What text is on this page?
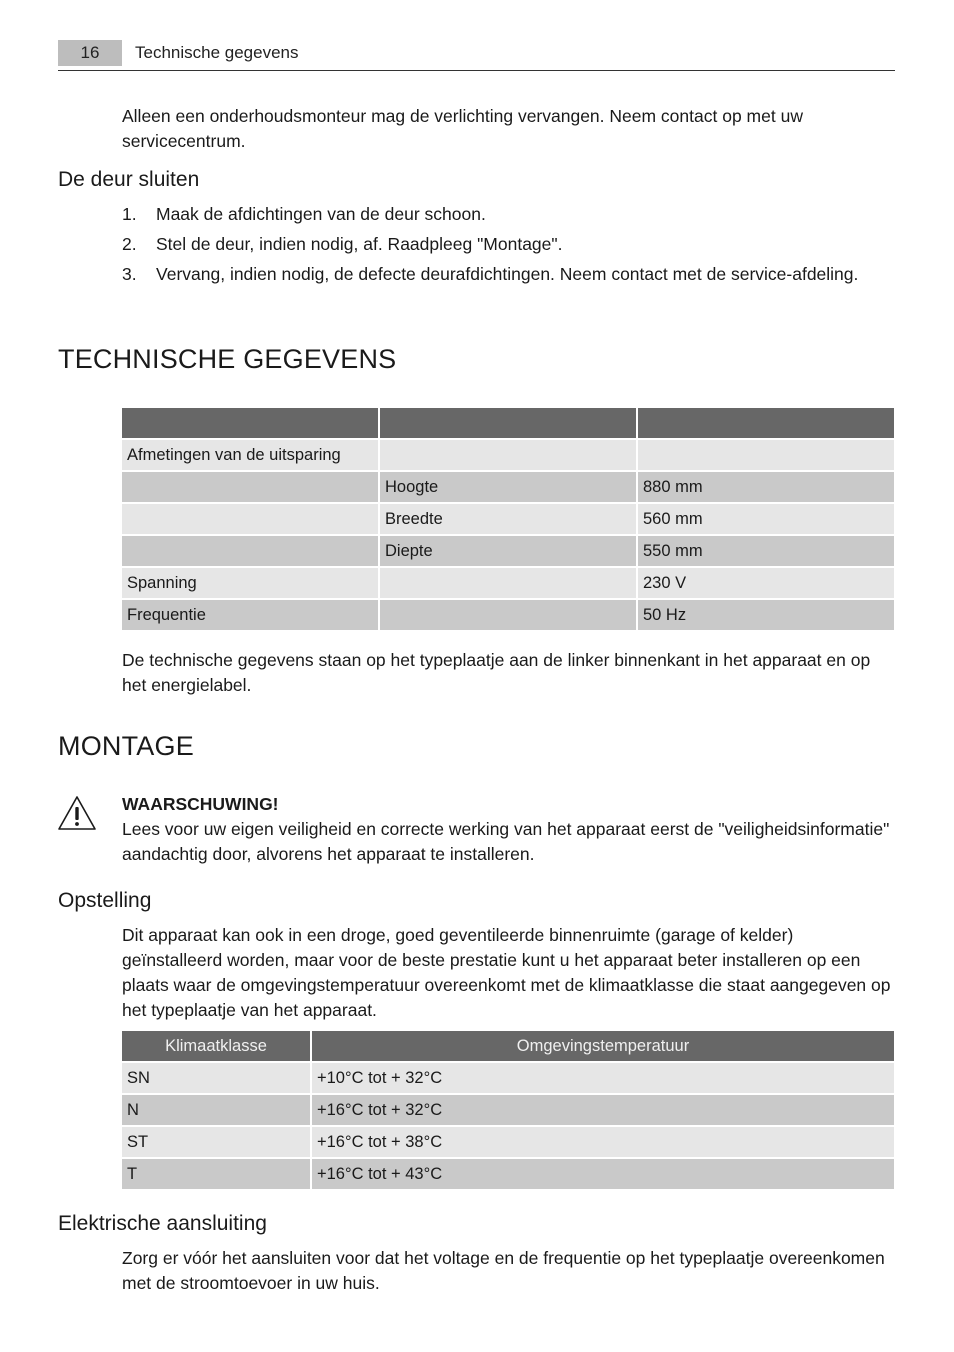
16	Technische gegevens
Alleen een onderhoudsmonteur mag de verlichting vervangen. Neem contact op met uw servicecentrum.
De deur sluiten
1. Maak de afdichtingen van de deur schoon.
2. Stel de deur, indien nodig, af. Raadpleeg "Montage".
3. Vervang, indien nodig, de defecte deurafdichtingen. Neem contact met de service-afdeling.
TECHNISCHE GEGEVENS

Afmetingen van de uitsparing		
	Hoogte	880 mm
	Breedte	560 mm
	Diepte	550 mm
Spanning		230 V
Frequentie		50 Hz
De technische gegevens staan op het typeplaatje aan de linker binnenkant in het apparaat en op het energielabel.
MONTAGE
WAARSCHUWING!
Lees voor uw eigen veiligheid en correcte werking van het apparaat eerst de "veiligheidsinformatie" aandachtig door, alvorens het apparaat te installeren.
Opstelling
Dit apparaat kan ook in een droge, goed geventileerde binnenruimte (garage of kelder) geïnstalleerd worden, maar voor de beste prestatie kunt u het apparaat beter installeren op een plaats waar de omgevingstemperatuur overeenkomt met de klimaatklasse die staat aangegeven op het typeplaatje van het apparaat.
Klimaatklasse	Omgevingstemperatuur
SN	+10°C tot + 32°C
N	+16°C tot + 32°C
ST	+16°C tot + 38°C
T	+16°C tot + 43°C
Elektrische aansluiting
Zorg er vóór het aansluiten voor dat het voltage en de frequentie op het typeplaatje overeenkomen met de stroomtoevoer in uw huis.
